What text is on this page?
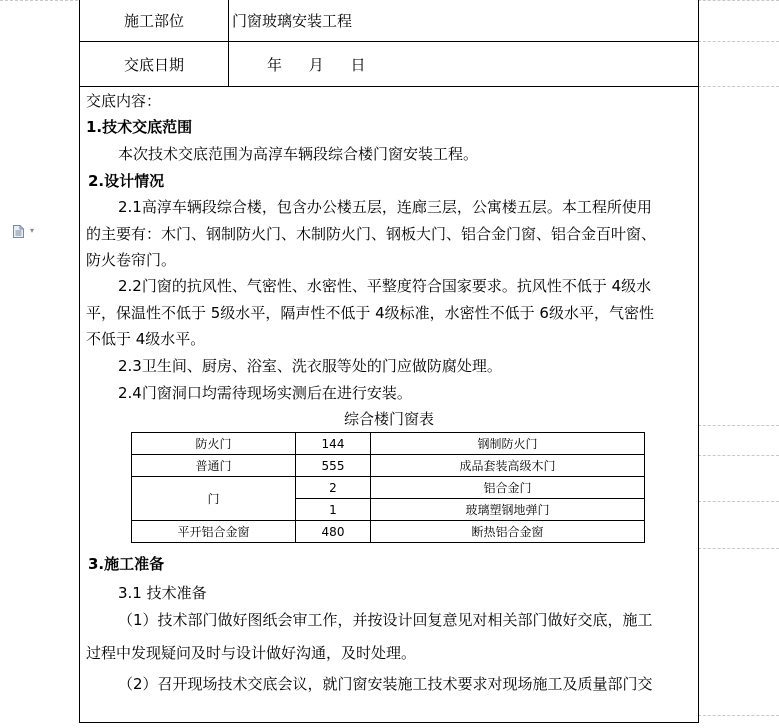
▾
施工部位	门窗玻璃安装工程
交底日期	年 月 日
交底内容：
1.技术交底范围
本次技术交底范围为高淳车辆段综合楼门窗安装工程。
2.设计情况
2.1高淳车辆段综合楼，包含办公楼五层，连廊三层，公寓楼五层。本工程所使用
的主要有：木门、钢制防火门、木制防火门、钢板大门、铝合金门窗、铝合金百叶窗、
防火卷帘门。
2.2门窗的抗风性、气密性、水密性、平整度符合国家要求。抗风性不低于 4级水
平，保温性不低于 5级水平，隔声性不低于 4级标准，水密性不低于 6级水平，气密性
不低于 4级水平。
2.3卫生间、厨房、浴室、洗衣服等处的门应做防腐处理。
2.4门窗洞口均需待现场实测后在进行安装。
综合楼门窗表
防火门	144	钢制防火门
普通门	555	成品套装高级木门
门	2	铝合金门
	1	玻璃塑钢地弹门
平开铝合金窗	480	断热铝合金窗
3.施工准备
3.1 技术准备
（1）技术部门做好图纸会审工作，并按设计回复意见对相关部门做好交底，施工
过程中发现疑问及时与设计做好沟通，及时处理。
（2）召开现场技术交底会议，就门窗安装施工技术要求对现场施工及质量部门交
